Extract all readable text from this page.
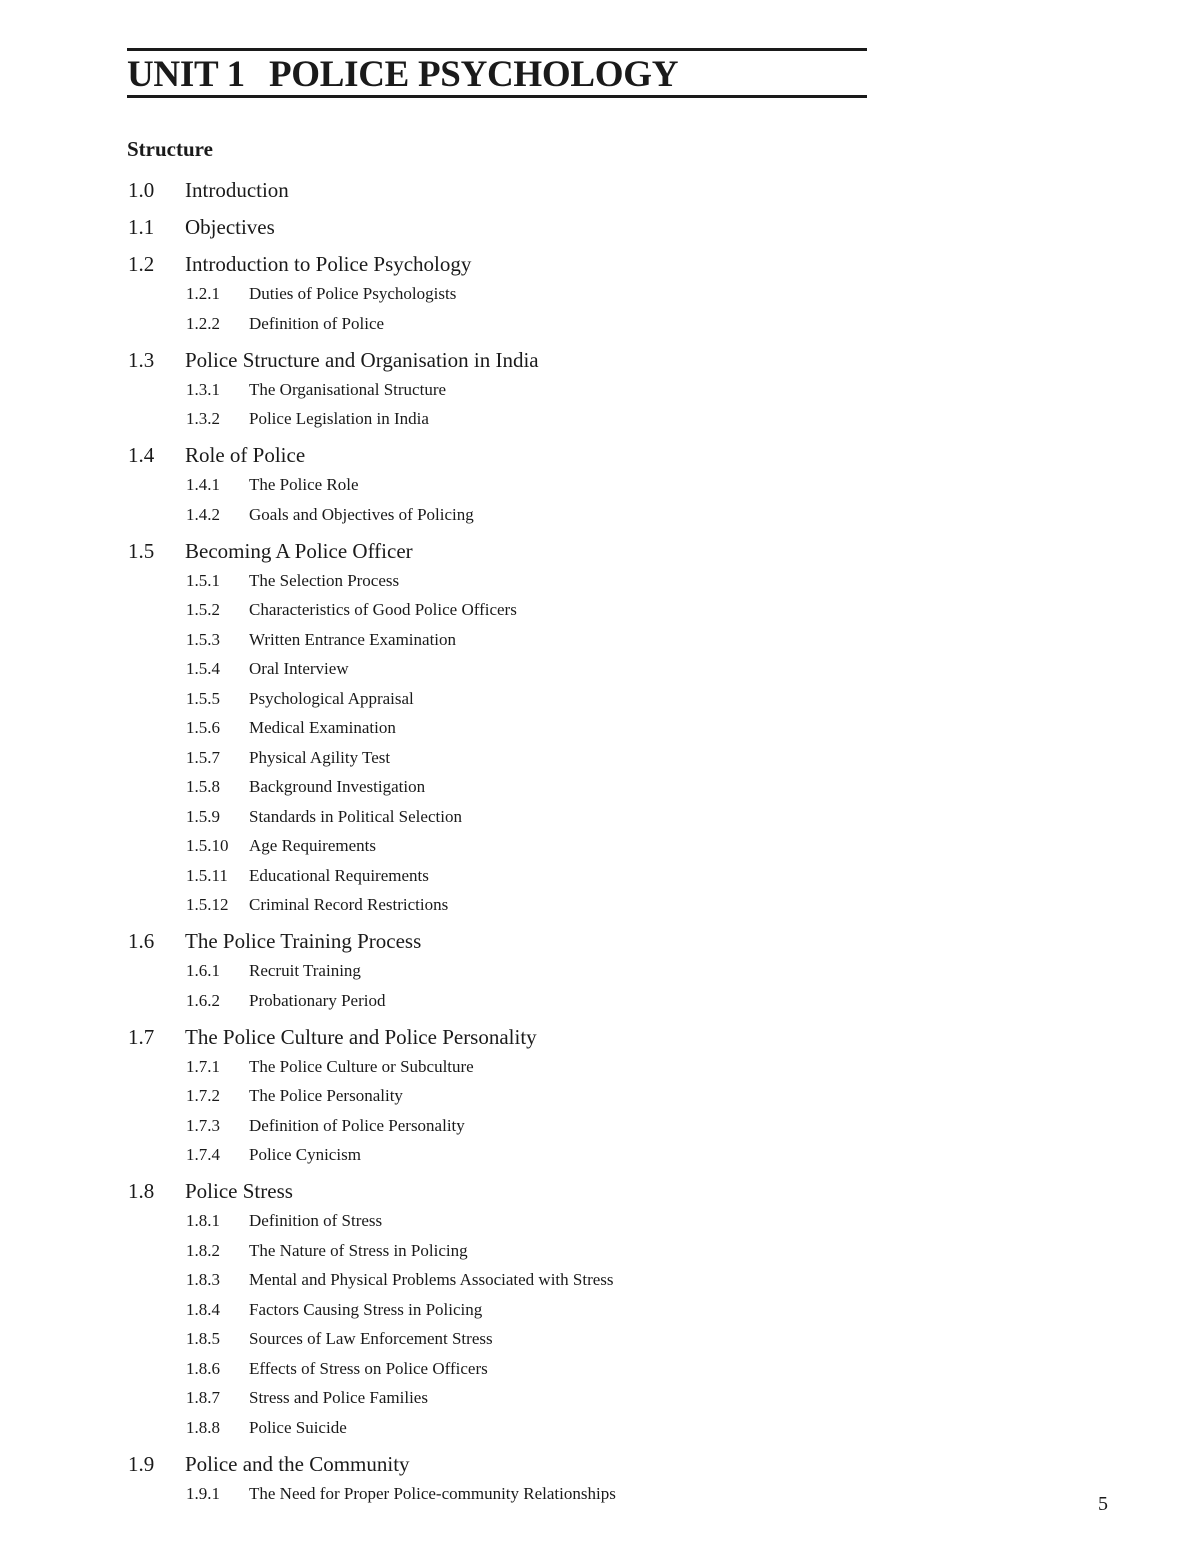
UNIT 1 POLICE PSYCHOLOGY
Structure
1.0 Introduction
1.1 Objectives
1.2 Introduction to Police Psychology
1.2.1 Duties of Police Psychologists
1.2.2 Definition of Police
1.3 Police Structure and Organisation in India
1.3.1 The Organisational Structure
1.3.2 Police Legislation in India
1.4 Role of Police
1.4.1 The Police Role
1.4.2 Goals and Objectives of Policing
1.5 Becoming A Police Officer
1.5.1 The Selection Process
1.5.2 Characteristics of Good Police Officers
1.5.3 Written Entrance Examination
1.5.4 Oral Interview
1.5.5 Psychological Appraisal
1.5.6 Medical Examination
1.5.7 Physical Agility Test
1.5.8 Background Investigation
1.5.9 Standards in Political Selection
1.5.10 Age Requirements
1.5.11 Educational Requirements
1.5.12 Criminal Record Restrictions
1.6 The Police Training Process
1.6.1 Recruit Training
1.6.2 Probationary Period
1.7 The Police Culture and Police Personality
1.7.1 The Police Culture or Subculture
1.7.2 The Police Personality
1.7.3 Definition of Police Personality
1.7.4 Police Cynicism
1.8 Police Stress
1.8.1 Definition of Stress
1.8.2 The Nature of Stress in Policing
1.8.3 Mental and Physical Problems Associated with Stress
1.8.4 Factors Causing Stress in Policing
1.8.5 Sources of Law Enforcement Stress
1.8.6 Effects of Stress on Police Officers
1.8.7 Stress and Police Families
1.8.8 Police Suicide
1.9 Police and the Community
1.9.1 The Need for Proper Police-community Relationships	5
